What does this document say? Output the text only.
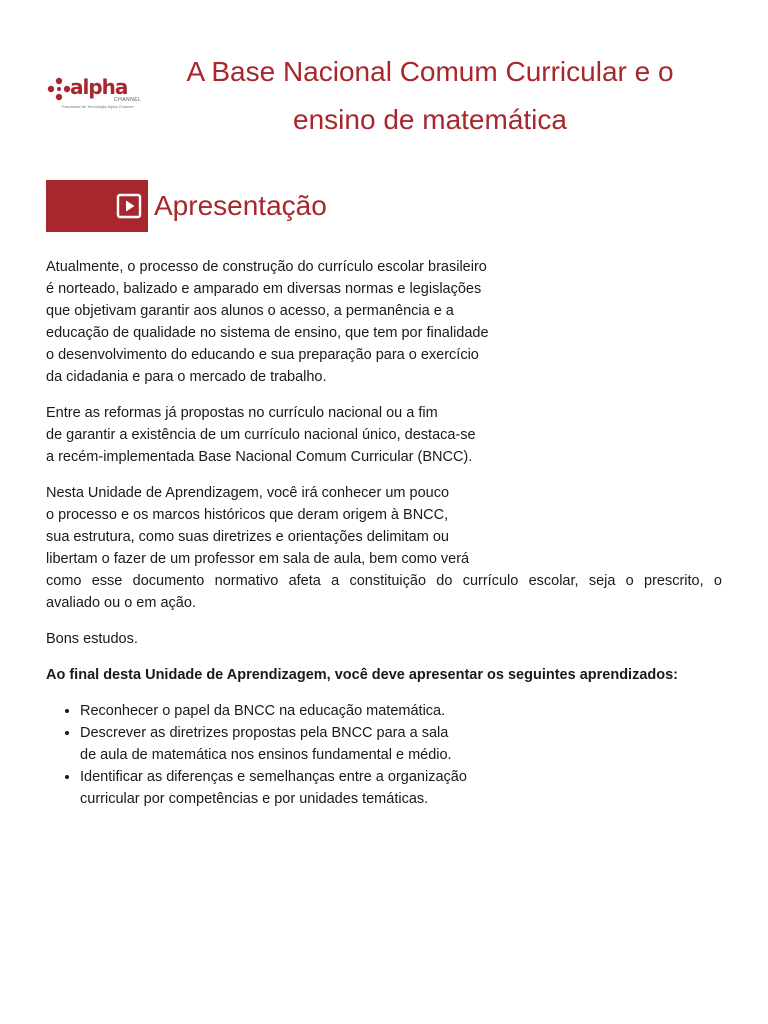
alpha
CHANNEL
Faculdade de Tecnologia Alpha Channel
A Base Nacional Comum Curricular e o
ensino de matemática
Apresentação

Atualmente, o processo de construção do currículo escolar brasileiro
é norteado, balizado e amparado em diversas normas e legislações
que objetivam garantir aos alunos o acesso, a permanência e a
educação de qualidade no sistema de ensino, que tem por finalidade
o desenvolvimento do educando e sua preparação para o exercício
da cidadania e para o mercado de trabalho.

Entre as reformas já propostas no currículo nacional ou a fim
de garantir a existência de um currículo nacional único, destaca-se
a recém-implementada Base Nacional Comum Curricular (BNCC).

Nesta Unidade de Aprendizagem, você irá conhecer um pouco
o processo e os marcos históricos que deram origem à BNCC,
sua estrutura, como suas diretrizes e orientações delimitam ou
libertam o fazer de um professor em sala de aula, bem como verá
como esse documento normativo afeta a constituição do currículo escolar, seja o prescrito, o
avaliado ou o em ação.

Bons estudos.

Ao final desta Unidade de Aprendizagem, você deve apresentar os seguintes aprendizados:

• Reconhecer o papel da BNCC na educação matemática.
• Descrever as diretrizes propostas pela BNCC para a sala
de aula de matemática nos ensinos fundamental e médio.
• Identificar as diferenças e semelhanças entre a organização
curricular por competências e por unidades temáticas.
